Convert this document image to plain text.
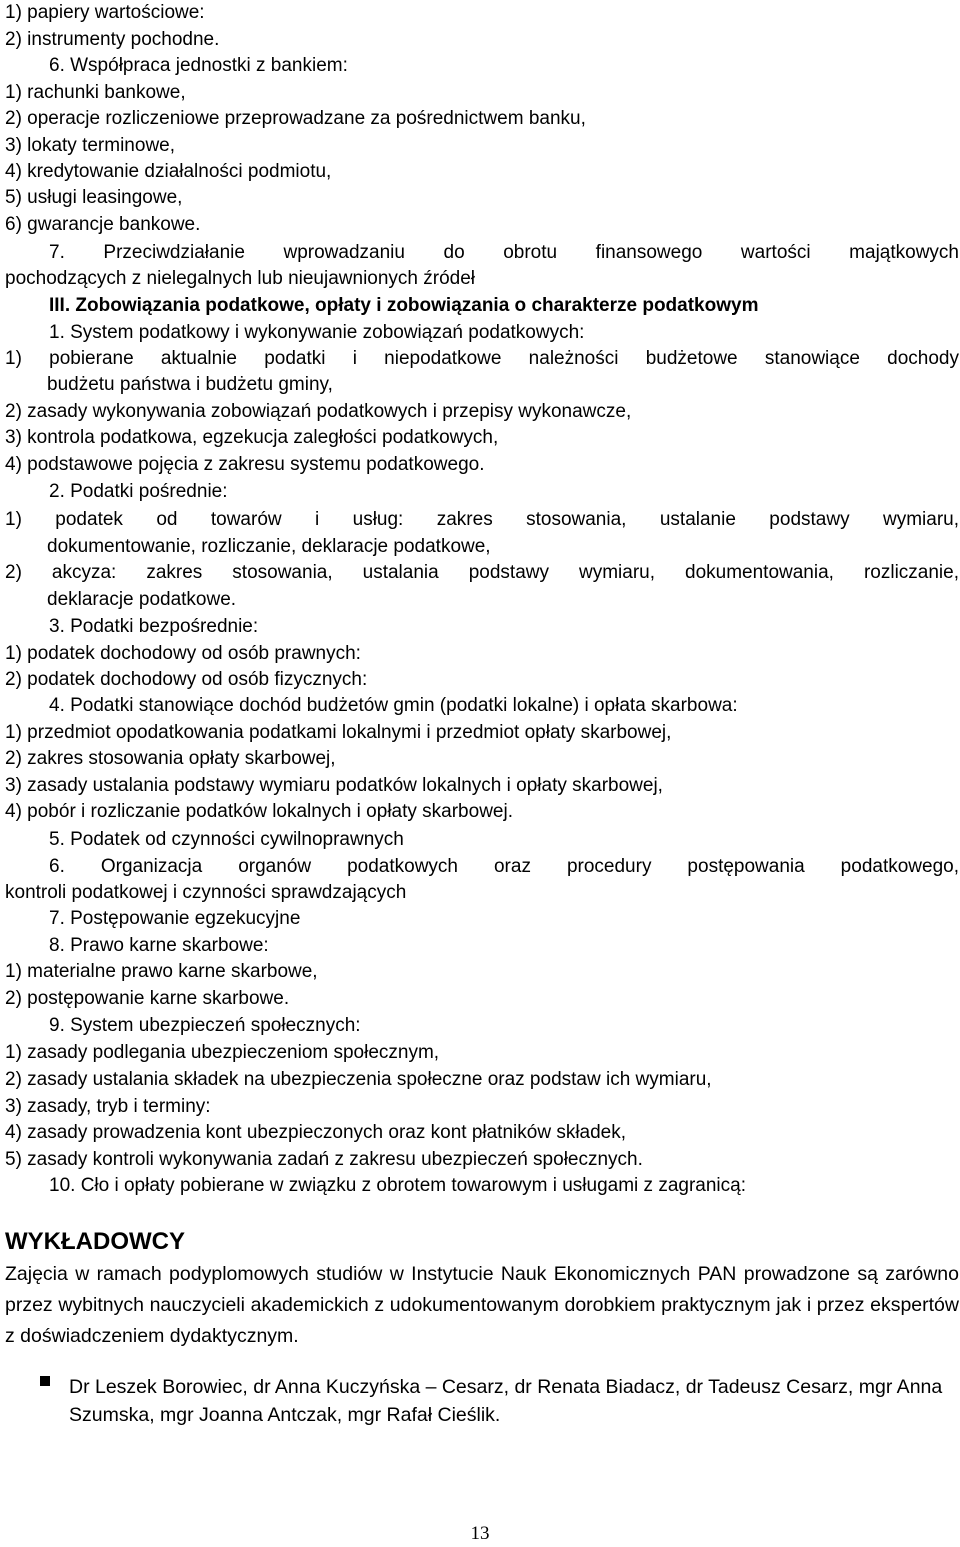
1) papiery wartościowe:
2) instrumenty pochodne.
6. Współpraca jednostki z bankiem:
1) rachunki bankowe,
2) operacje rozliczeniowe przeprowadzane za pośrednictwem banku,
3) lokaty terminowe,
4) kredytowanie działalności podmiotu,
5) usługi leasingowe,
6) gwarancje bankowe.
7. Przeciwdziałanie wprowadzaniu do obrotu finansowego wartości majątkowych
pochodzących z nielegalnych lub nieujawnionych źródeł
III. Zobowiązania podatkowe, opłaty i zobowiązania o charakterze podatkowym
1. System podatkowy i wykonywanie zobowiązań podatkowych:
1) pobierane aktualnie podatki i niepodatkowe należności budżetowe stanowiące dochody
budżetu państwa i budżetu gminy,
2) zasady wykonywania zobowiązań podatkowych i przepisy wykonawcze,
3) kontrola podatkowa, egzekucja zaległości podatkowych,
4) podstawowe pojęcia z zakresu systemu podatkowego.
2. Podatki pośrednie:
1) podatek od towarów i usług: zakres stosowania, ustalanie podstawy wymiaru,
dokumentowanie, rozliczanie, deklaracje podatkowe,
2) akcyza: zakres stosowania, ustalania podstawy wymiaru, dokumentowania, rozliczanie,
deklaracje podatkowe.
3. Podatki bezpośrednie:
1) podatek dochodowy od osób prawnych:
2) podatek dochodowy od osób fizycznych:
4. Podatki stanowiące dochód budżetów gmin (podatki lokalne) i opłata skarbowa:
1) przedmiot opodatkowania podatkami lokalnymi i przedmiot opłaty skarbowej,
2) zakres stosowania opłaty skarbowej,
3) zasady ustalania podstawy wymiaru podatków lokalnych i opłaty skarbowej,
4) pobór i rozliczanie podatków lokalnych i opłaty skarbowej.
5. Podatek od czynności cywilnoprawnych
6. Organizacja organów podatkowych oraz procedury postępowania podatkowego,
kontroli podatkowej i czynności sprawdzających
7. Postępowanie egzekucyjne
8. Prawo karne skarbowe:
1) materialne prawo karne skarbowe,
2) postępowanie karne skarbowe.
9. System ubezpieczeń społecznych:
1) zasady podlegania ubezpieczeniom społecznym,
2) zasady ustalania składek na ubezpieczenia społeczne oraz podstaw ich wymiaru,
3) zasady, tryb i terminy:
4) zasady prowadzenia kont ubezpieczonych oraz kont płatników składek,
5) zasady kontroli wykonywania zadań z zakresu ubezpieczeń społecznych.
10. Cło i opłaty pobierane w związku z obrotem towarowym i usługami z zagranicą:
WYKŁADOWCY
Zajęcia w ramach podyplomowych studiów w Instytucie Nauk Ekonomicznych PAN prowadzone są zarówno przez wybitnych nauczycieli akademickich z udokumentowanym dorobkiem praktycznym jak i przez ekspertów z doświadczeniem dydaktycznym.
Dr Leszek Borowiec, dr Anna Kuczyńska – Cesarz, dr Renata Biadacz, dr Tadeusz Cesarz, mgr Anna Szumska, mgr Joanna Antczak, mgr Rafał Cieślik.
13
